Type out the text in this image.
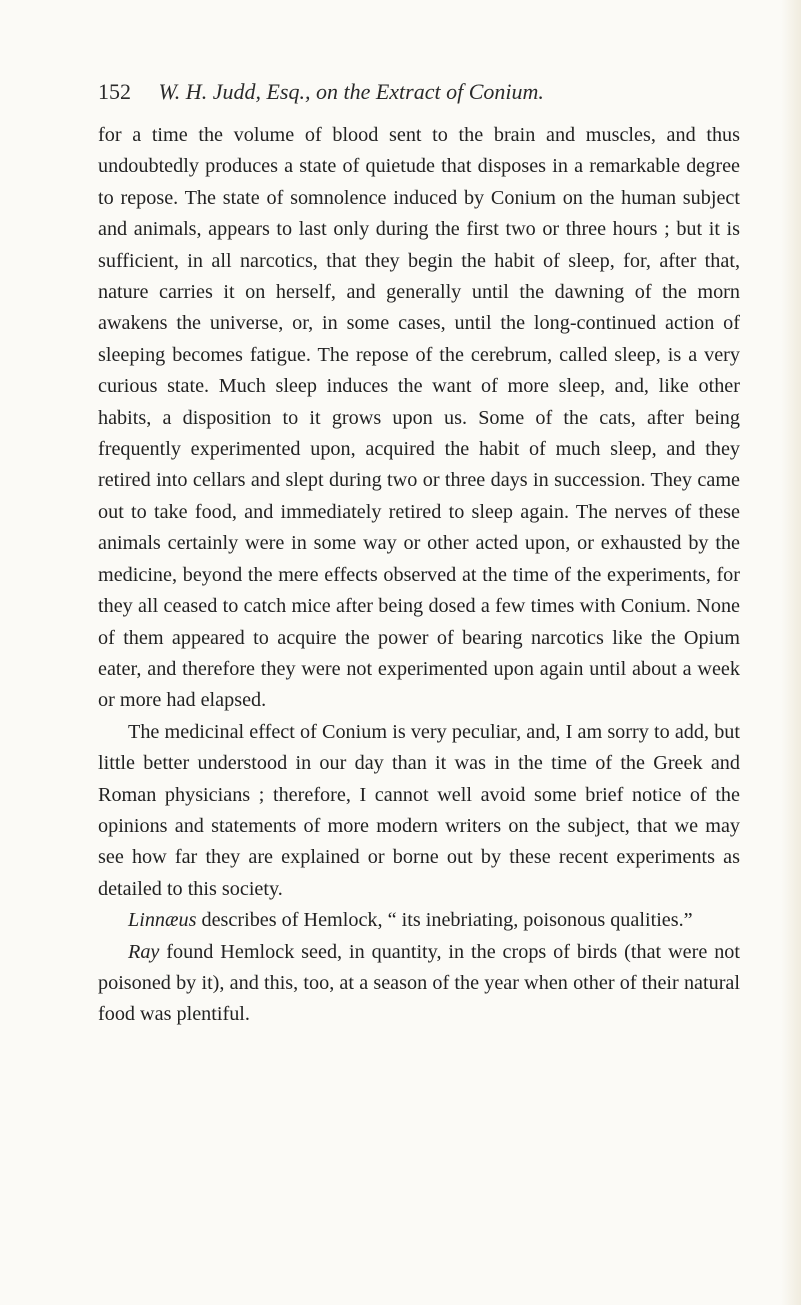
152 W. H. Judd, Esq., on the Extract of Conium.

for a time the volume of blood sent to the brain and muscles, and thus undoubtedly produces a state of quietude that disposes in a remarkable degree to repose. The state of somnolence induced by Conium on the human subject and animals, appears to last only during the first two or three hours ; but it is sufficient, in all narcotics, that they begin the habit of sleep, for, after that, nature carries it on herself, and generally until the dawning of the morn awakens the universe, or, in some cases, until the long-continued action of sleeping becomes fatigue. The repose of the cerebrum, called sleep, is a very curious state. Much sleep induces the want of more sleep, and, like other habits, a disposition to it grows upon us. Some of the cats, after being frequently experimented upon, acquired the habit of much sleep, and they retired into cellars and slept during two or three days in succession. They came out to take food, and immediately retired to sleep again. The nerves of these animals certainly were in some way or other acted upon, or exhausted by the medicine, beyond the mere effects observed at the time of the experiments, for they all ceased to catch mice after being dosed a few times with Conium. None of them appeared to acquire the power of bearing narcotics like the Opium eater, and therefore they were not experimented upon again until about a week or more had elapsed.

The medicinal effect of Conium is very peculiar, and, I am sorry to add, but little better understood in our day than it was in the time of the Greek and Roman physicians ; therefore, I cannot well avoid some brief notice of the opinions and statements of more modern writers on the subject, that we may see how far they are explained or borne out by these recent experiments as detailed to this society.

Linnæus describes of Hemlock, “ its inebriating, poisonous qualities.”

Ray found Hemlock seed, in quantity, in the crops of birds (that were not poisoned by it), and this, too, at a season of the year when other of their natural food was plentiful.
